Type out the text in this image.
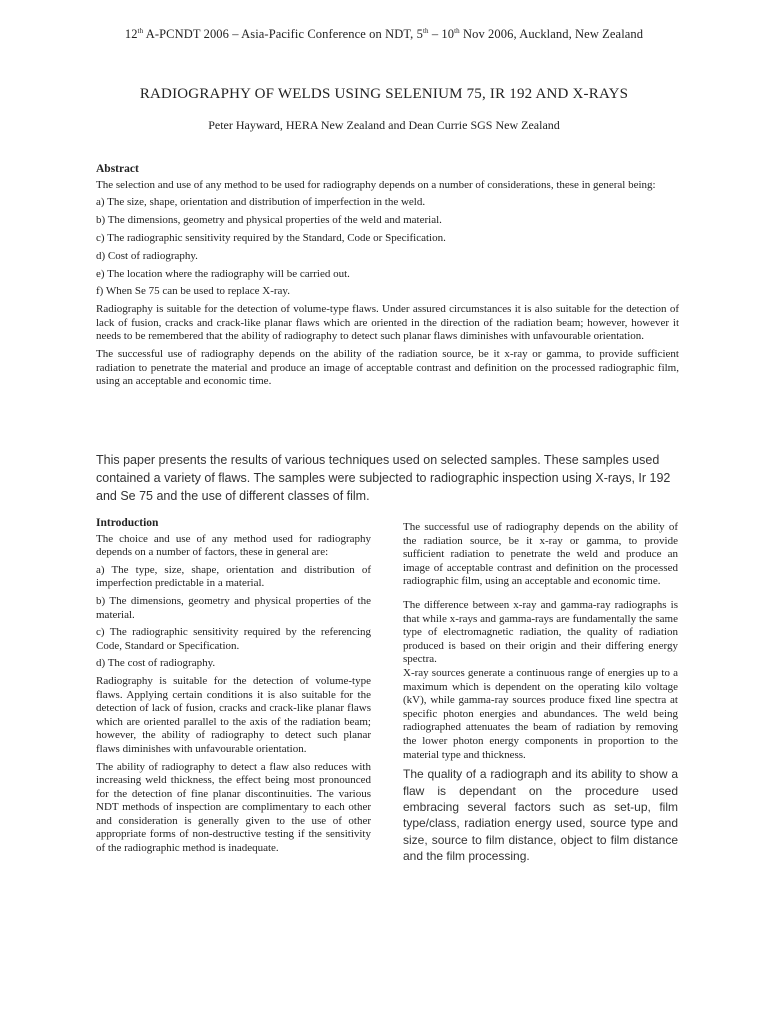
12th A-PCNDT 2006 – Asia-Pacific Conference on NDT, 5th – 10th Nov 2006, Auckland, New Zealand
RADIOGRAPHY OF WELDS USING SELENIUM 75, IR 192 AND X-RAYS
Peter Hayward, HERA New Zealand and Dean Currie SGS New Zealand
Abstract

The selection and use of any method to be used for radiography depends on a number of considerations, these in general being:

a) The size, shape, orientation and distribution of imperfection in the weld.
b) The dimensions, geometry and physical properties of the weld and material.
c) The radiographic sensitivity required by the Standard, Code or Specification.
d) Cost of radiography.
e) The location where the radiography will be carried out.
f) When Se 75 can be used to replace X-ray.

Radiography is suitable for the detection of volume-type flaws. Under assured circumstances it is also suitable for the detection of lack of fusion, cracks and crack-like planar flaws which are oriented in the direction of the radiation beam; however, however it needs to be remembered that the ability of radiography to detect such planar flaws diminishes with unfavourable orientation.

The successful use of radiography depends on the ability of the radiation source, be it x-ray or gamma, to provide sufficient radiation to penetrate the material and produce an image of acceptable contrast and definition on the processed radiographic film, using an acceptable and economic time.

This paper presents the results of various techniques used on selected samples. These samples used contained a variety of flaws. The samples were subjected to radiographic inspection using X-rays, Ir 192 and Se 75 and the use of different classes of film.

Introduction

The choice and use of any method used for radiography depends on a number of factors, these in general are:

a) The type, size, shape, orientation and distribution of imperfection predictable in a material.

b) The dimensions, geometry and physical properties of the material.

c) The radiographic sensitivity required by the referencing Code, Standard or Specification.

d) The cost of radiography.

Radiography is suitable for the detection of volume-type flaws. Applying certain conditions it is also suitable for the detection of lack of fusion, cracks and crack-like planar flaws which are oriented parallel to the axis of the radiation beam; however, the ability of radiography to detect such planar flaws diminishes with unfavourable orientation.

The ability of radiography to detect a flaw also reduces with increasing weld thickness, the effect being most pronounced for the detection of fine planar discontinuities. The various NDT methods of inspection are complimentary to each other and consideration is generally given to the use of other appropriate forms of non-destructive testing if the sensitivity of the radiographic method is inadequate.

The successful use of radiography depends on the ability of the radiation source, be it x-ray or gamma, to provide sufficient radiation to penetrate the weld and produce an image of acceptable contrast and definition on the processed radiographic film, using an acceptable and economic time.

The difference between x-ray and gamma-ray radiographs is that while x-rays and gamma-rays are fundamentally the same type of electromagnetic radiation, the quality of radiation produced is based on their origin and their differing energy spectra.

X-ray sources generate a continuous range of energies up to a maximum which is dependent on the operating kilo voltage (kV), while gamma-ray sources produce fixed line spectra at specific photon energies and abundances. The weld being radiographed attenuates the beam of radiation by removing the lower photon energy components in proportion to the material type and thickness.

The quality of a radiograph and its ability to show a flaw is dependant on the procedure used embracing several factors such as set-up, film type/class, radiation energy used, source type and size, source to film distance, object to film distance and the film processing.
